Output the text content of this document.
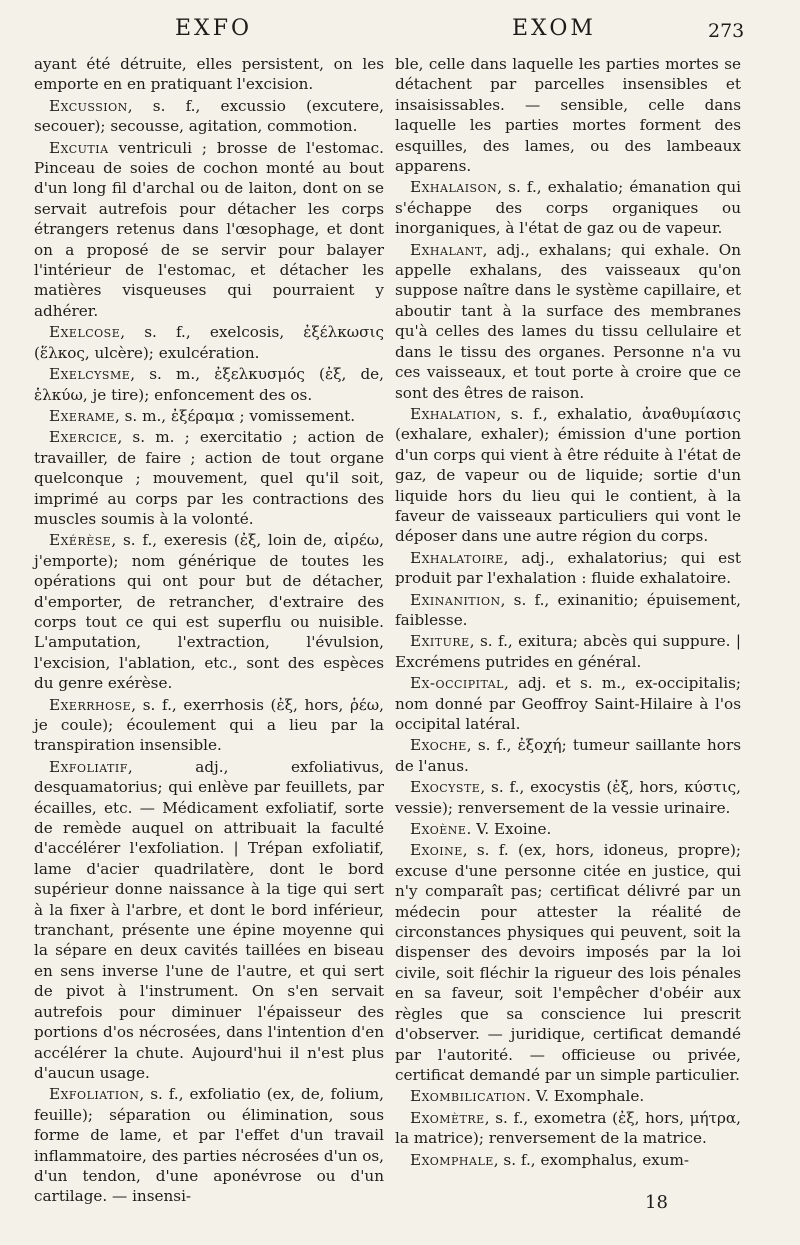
EXFO	EXOM	273

ayant été détruite, elles persistent, on les emporte en en pratiquant l'excision.

Excussion, s. f., excussio (excutere, secouer); secousse, agitation, commotion.

Excutia ventriculi ; brosse de l'estomac. Pinceau de soies de cochon monté au bout d'un long fil d'archal ou de laiton, dont on se servait autrefois pour détacher les corps étrangers retenus dans l'œsophage, et dont on a proposé de se servir pour balayer l'intérieur de l'estomac, et détacher les matières visqueuses qui pourraient y adhérer.

Exelcose, s. f., exelcosis, ἐξέλκωσις (ἕλκος, ulcère); exulcération.

Exelcysme, s. m., ἐξελκυσμός (ἐξ, de, ἑλκύω, je tire); enfoncement des os.

Exerame, s. m., ἐξέραμα ; vomissement.

Exercice, s. m. ; exercitatio ; action de travailler, de faire ; action de tout organe quelconque ; mouvement, quel qu'il soit, imprimé au corps par les contractions des muscles soumis à la volonté.

Exérèse, s. f., exeresis (ἐξ, loin de, αἱρέω, j'emporte); nom générique de toutes les opérations qui ont pour but de détacher, d'emporter, de retrancher, d'extraire des corps tout ce qui est superflu ou nuisible. L'amputation, l'extraction, l'évulsion, l'excision, l'ablation, etc., sont des espèces du genre exérèse.

Exerrhose, s. f., exerrhosis (ἐξ, hors, ῥέω, je coule); écoulement qui a lieu par la transpiration insensible.

Exfoliatif, adj., exfoliativus, desquamatorius; qui enlève par feuillets, par écailles, etc. — Médicament exfoliatif, sorte de remède auquel on attribuait la faculté d'accélérer l'exfoliation. | Trépan exfoliatif, lame d'acier quadrilatère, dont le bord supérieur donne naissance à la tige qui sert à la fixer à l'arbre, et dont le bord inférieur, tranchant, présente une épine moyenne qui la sépare en deux cavités taillées en biseau en sens inverse l'une de l'autre, et qui sert de pivot à l'instrument. On s'en servait autrefois pour diminuer l'épaisseur des portions d'os nécrosées, dans l'intention d'en accélérer la chute. Aujourd'hui il n'est plus d'aucun usage.

Exfoliation, s. f., exfoliatio (ex, de, folium, feuille); séparation ou élimination, sous forme de lame, et par l'effet d'un travail inflammatoire, des parties nécrosées d'un os, d'un tendon, d'une aponévrose ou d'un cartilage. — insensi-

ble, celle dans laquelle les parties mortes se détachent par parcelles insensibles et insaisissables. — sensible, celle dans laquelle les parties mortes forment des esquilles, des lames, ou des lambeaux apparens.

Exhalaison, s. f., exhalatio; émanation qui s'échappe des corps organiques ou inorganiques, à l'état de gaz ou de vapeur.

Exhalant, adj., exhalans; qui exhale. On appelle exhalans, des vaisseaux qu'on suppose naître dans le système capillaire, et aboutir tant à la surface des membranes qu'à celles des lames du tissu cellulaire et dans le tissu des organes. Personne n'a vu ces vaisseaux, et tout porte à croire que ce sont des êtres de raison.

Exhalation, s. f., exhalatio, ἀναθυμίασις (exhalare, exhaler); émission d'une portion d'un corps qui vient à être réduite à l'état de gaz, de vapeur ou de liquide; sortie d'un liquide hors du lieu qui le contient, à la faveur de vaisseaux particuliers qui vont le déposer dans une autre région du corps.

Exhalatoire, adj., exhalatorius; qui est produit par l'exhalation : fluide exhalatoire.

Exinanition, s. f., exinanitio; épuisement, faiblesse.

Exiture, s. f., exitura; abcès qui suppure. | Excrémens putrides en général.

Ex-occipital, adj. et s. m., ex-occipitalis; nom donné par Geoffroy Saint-Hilaire à l'os occipital latéral.

Exoche, s. f., ἐξοχή; tumeur saillante hors de l'anus.

Exocyste, s. f., exocystis (ἐξ, hors, κύστις, vessie); renversement de la vessie urinaire.

Exoène. V. Exoine.

Exoine, s. f. (ex, hors, idoneus, propre); excuse d'une personne citée en justice, qui n'y comparaît pas; certificat délivré par un médecin pour attester la réalité de circonstances physiques qui peuvent, soit la dispenser des devoirs imposés par la loi civile, soit fléchir la rigueur des lois pénales en sa faveur, soit l'empêcher d'obéir aux règles que sa conscience lui prescrit d'observer. — juridique, certificat demandé par l'autorité. — officieuse ou privée, certificat demandé par un simple particulier.

Exombilication. V. Exomphale.

Exomètre, s. f., exometra (ἐξ, hors, μήτρα, la matrice); renversement de la matrice.

Exomphale, s. f., exomphalus, exum-

18
